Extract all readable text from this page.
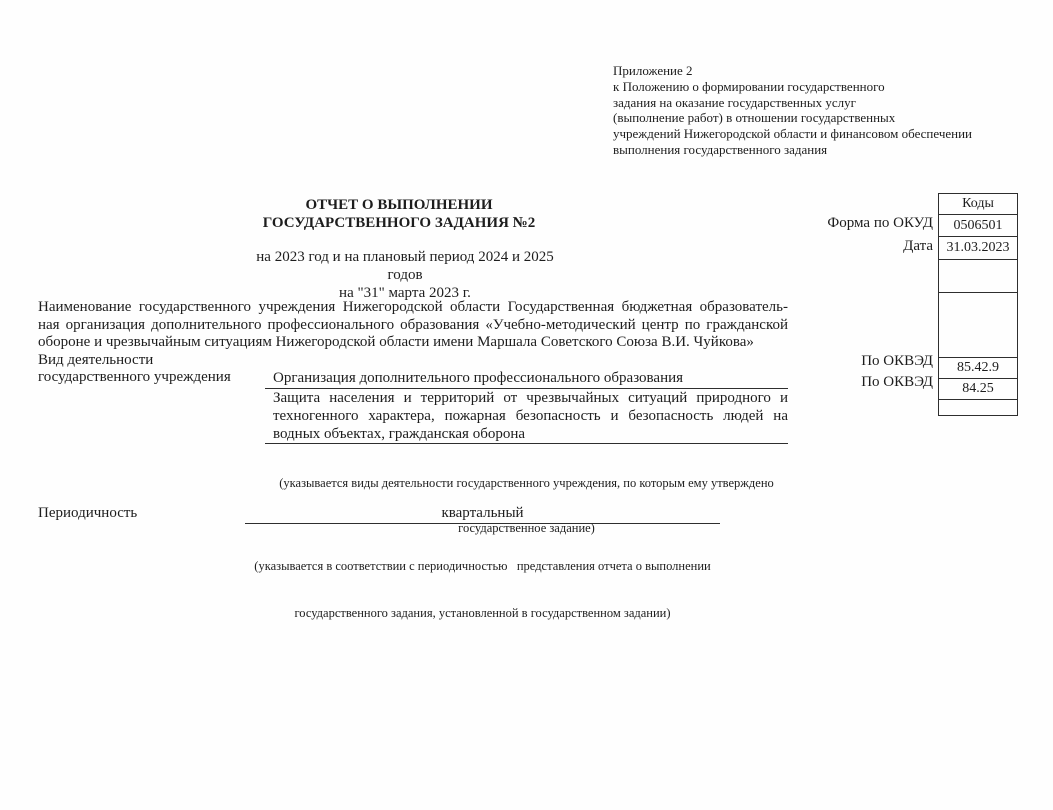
Приложение 2
к Положению о формировании государственного
задания на оказание государственных услуг
(выполнение работ) в отношении государственных
учреждений Нижегородской области и финансовом обеспечении
выполнения государственного задания
ОТЧЕТ О ВЫПОЛНЕНИИ
ГОСУДАРСТВЕННОГО ЗАДАНИЯ №2
на 2023 год и на плановый период 2024 и 2025 годов
на "31" марта 2023 г.
Коды
0506501
31.03.2023
85.42.9
84.25
Форма по ОКУД
Дата
По ОКВЭД
По ОКВЭД
Наименование государственного учреждения Нижегородской области Государственная бюджетная образователь-
ная организация дополнительного профессионального образования «Учебно-методический центр по гражданской
обороне и чрезвычайным ситуациям Нижегородской области имени Маршала Советского Союза В.И. Чуйкова»
Вид деятельности
государственного учреждения	Организация дополнительного профессионального образования
Защита населения и территорий от чрезвычайных ситуаций природного и
техногенного характера, пожарная безопасность и безопасность людей на
водных объектах, гражданская оборона

(указывается виды деятельности государственного учреждения, по которым ему утверждено

государственное задание)

Периодичность	квартальный

(указывается в соответствии с периодичностью   представления отчета о выполнении

государственного задания, установленной в государственном задании)
